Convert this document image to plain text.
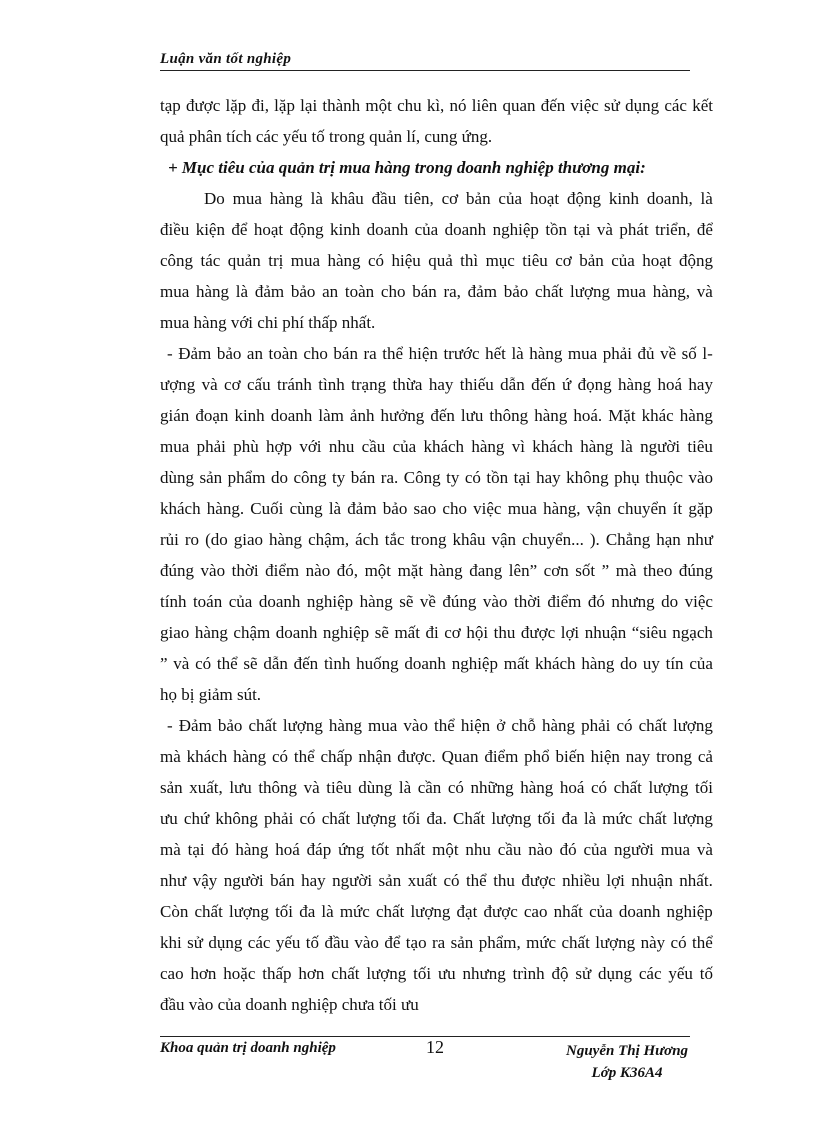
Luận văn tốt nghiệp
tạp được lặp đi, lặp lại thành một chu kì, nó liên quan đến việc sử dụng các kết
quả phân tích các yếu tố trong quản lí, cung ứng.
+ Mục tiêu của quản trị mua hàng trong doanh nghiệp thương mại:
Do mua hàng là khâu đầu tiên, cơ bản của hoạt động kinh doanh, là
điều kiện để hoạt động kinh doanh của doanh nghiệp tồn tại và phát triển, để
công tác quản trị mua hàng có hiệu quả thì mục tiêu cơ bản của hoạt động
mua hàng là đảm bảo an toàn cho bán ra, đảm bảo chất lượng mua hàng, và
mua hàng với chi phí thấp nhất.
- Đảm bảo an toàn cho bán ra thể hiện trước hết là hàng mua phải đủ về số l-
ượng và cơ cấu tránh tình trạng thừa hay thiếu dẫn đến ứ đọng hàng hoá hay
gián đoạn kinh doanh làm ảnh hưởng đến lưu thông hàng hoá. Mặt khác hàng
mua phải phù hợp với nhu cầu của khách hàng vì khách hàng là người tiêu
dùng sản phẩm do công ty bán ra. Công ty có tồn tại hay không phụ thuộc vào
khách hàng. Cuối cùng là đảm bảo sao cho việc mua hàng, vận chuyển ít gặp
rủi ro (do giao hàng chậm, ách tắc trong khâu vận chuyển... ). Chẳng hạn như
đúng vào thời điểm nào đó, một mặt hàng đang lên” cơn sốt ” mà theo đúng
tính toán của doanh nghiệp hàng sẽ về đúng vào thời điểm đó nhưng do việc
giao hàng chậm doanh nghiệp sẽ mất đi cơ hội thu được lợi nhuận “siêu ngạch
” và có thể sẽ dẫn đến tình huống doanh nghiệp mất khách hàng do uy tín của
họ bị giảm sút.
- Đảm bảo chất lượng hàng mua vào thể hiện ở chỗ hàng phải có chất lượng
mà khách hàng có thể chấp nhận được. Quan điểm phổ biến hiện nay trong cả
sản xuất, lưu thông và tiêu dùng là cần có những hàng hoá có chất lượng tối
ưu chứ không phải có chất lượng tối đa. Chất lượng tối đa là mức chất lượng
mà tại đó hàng hoá đáp ứng tốt nhất một nhu cầu nào đó của người mua và
như vậy người bán hay người sản xuất có thể thu được nhiều lợi nhuận nhất.
Còn chất lượng tối đa là mức chất lượng đạt được cao nhất của doanh nghiệp
khi sử dụng các yếu tố đầu vào để tạo ra sản phẩm, mức chất lượng này có thể
cao hơn hoặc thấp hơn chất lượng tối ưu nhưng trình độ sử dụng các yếu tố
đầu vào của doanh nghiệp chưa tối ưu
Khoa quản trị doanh nghiệp	12	Nguyễn Thị Hương
Lớp K36A4
